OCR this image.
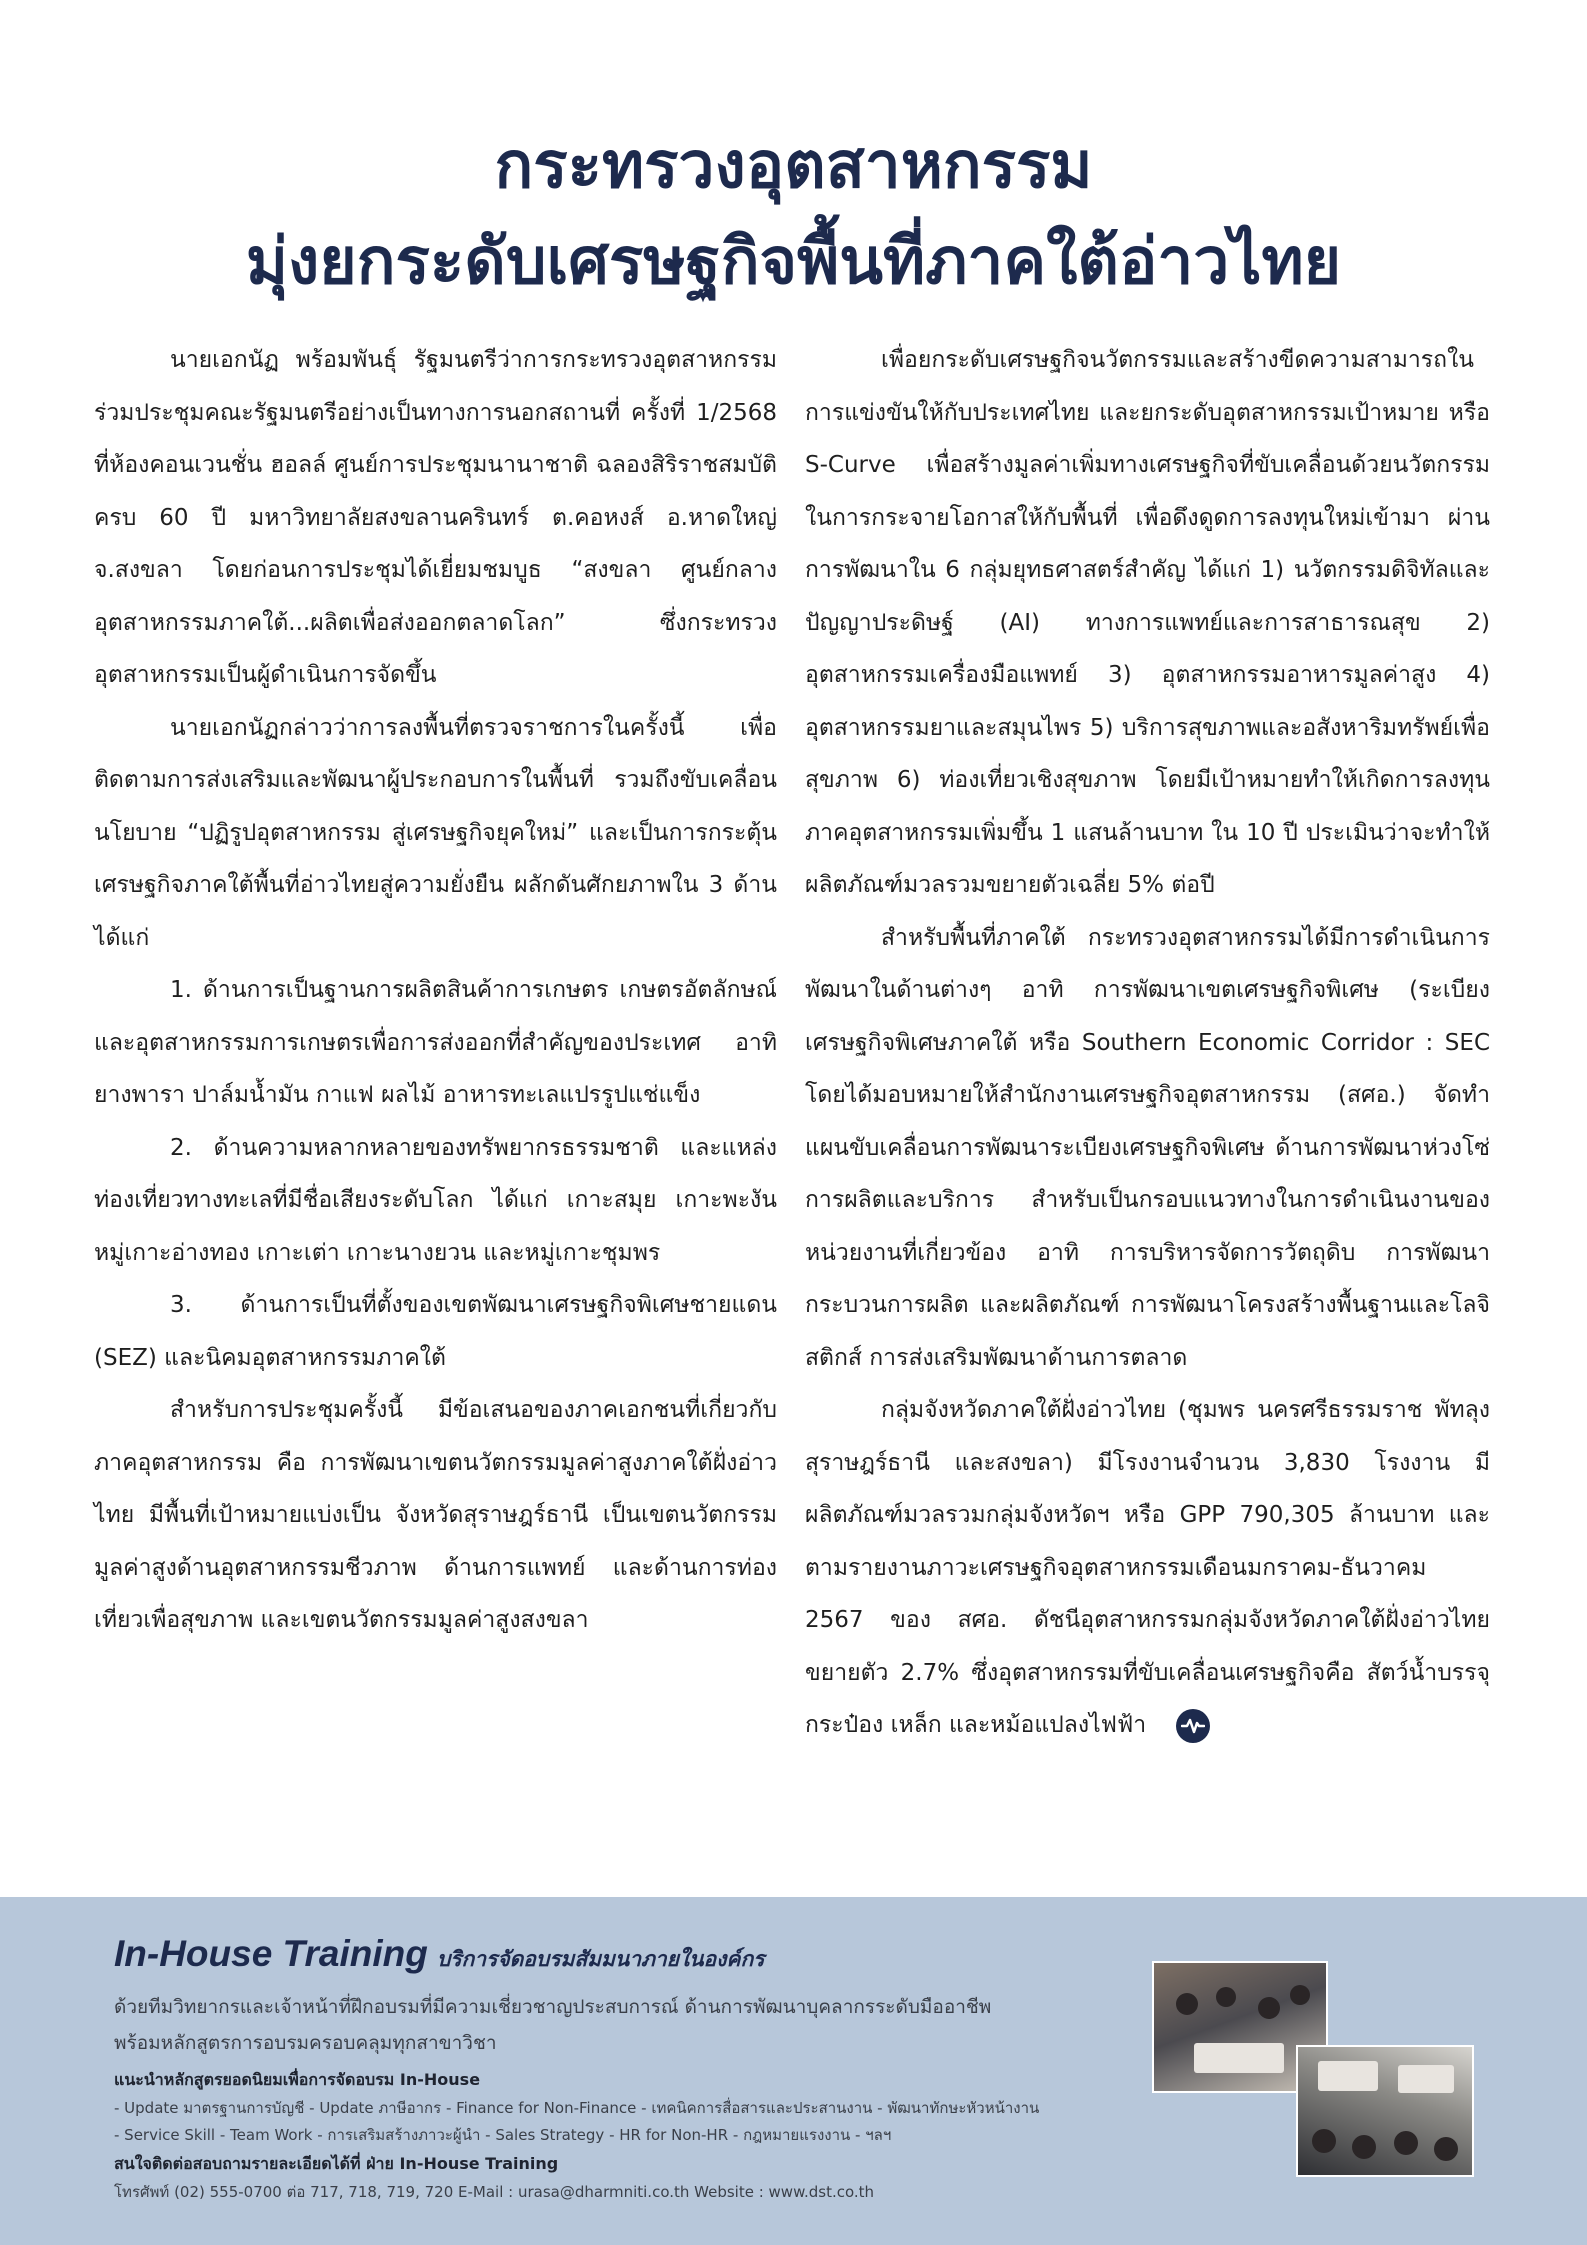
กระทรวงอุตสาหกรรม
มุ่งยกระดับเศรษฐกิจพื้นที่ภาคใต้อ่าวไทย

นายเอกนัฏ พร้อมพันธุ์ รัฐมนตรีว่าการกระทรวงอุตสาหกรรม ร่วมประชุมคณะรัฐมนตรีอย่างเป็นทางการนอกสถานที่ ครั้งที่ 1/2568 ที่ห้องคอนเวนชั่น ฮอลล์ ศูนย์การประชุมนานาชาติ ฉลองสิริราชสมบัติครบ 60 ปี มหาวิทยาลัยสงขลานครินทร์ ต.คอหงส์ อ.หาดใหญ่ จ.สงขลา โดยก่อนการประชุมได้เยี่ยมชมบูธ “สงขลา ศูนย์กลางอุตสาหกรรมภาคใต้...ผลิตเพื่อส่งออกตลาดโลก” ซึ่งกระทรวงอุตสาหกรรมเป็นผู้ดำเนินการจัดขึ้น

นายเอกนัฏกล่าวว่าการลงพื้นที่ตรวจราชการในครั้งนี้ เพื่อติดตามการส่งเสริมและพัฒนาผู้ประกอบการในพื้นที่ รวมถึงขับเคลื่อนนโยบาย “ปฏิรูปอุตสาหกรรม สู่เศรษฐกิจยุคใหม่” และเป็นการกระตุ้นเศรษฐกิจภาคใต้พื้นที่อ่าวไทยสู่ความยั่งยืน ผลักดันศักยภาพใน 3 ด้าน ได้แก่

1. ด้านการเป็นฐานการผลิตสินค้าการเกษตร เกษตรอัตลักษณ์ และอุตสาหกรรมการเกษตรเพื่อการส่งออกที่สำคัญของประเทศ อาทิ ยางพารา ปาล์มน้ำมัน กาแฟ ผลไม้ อาหารทะเลแปรรูปแช่แข็ง

2. ด้านความหลากหลายของทรัพยากรธรรมชาติ และแหล่งท่องเที่ยวทางทะเลที่มีชื่อเสียงระดับโลก ได้แก่ เกาะสมุย เกาะพะงัน หมู่เกาะอ่างทอง เกาะเต่า เกาะนางยวน และหมู่เกาะชุมพร

3. ด้านการเป็นที่ตั้งของเขตพัฒนาเศรษฐกิจพิเศษชายแดน (SEZ) และนิคมอุตสาหกรรมภาคใต้

สำหรับการประชุมครั้งนี้ มีข้อเสนอของภาคเอกชนที่เกี่ยวกับภาคอุตสาหกรรม คือ การพัฒนาเขตนวัตกรรมมูลค่าสูงภาคใต้ฝั่งอ่าวไทย มีพื้นที่เป้าหมายแบ่งเป็น จังหวัดสุราษฎร์ธานี เป็นเขตนวัตกรรมมูลค่าสูงด้านอุตสาหกรรมชีวภาพ ด้านการแพทย์ และด้านการท่องเที่ยวเพื่อสุขภาพ และเขตนวัตกรรมมูลค่าสูงสงขลา

เพื่อยกระดับเศรษฐกิจนวัตกรรมและสร้างขีดความสามารถในการแข่งขันให้กับประเทศไทย และยกระดับอุตสาหกรรมเป้าหมาย หรือ S-Curve เพื่อสร้างมูลค่าเพิ่มทางเศรษฐกิจที่ขับเคลื่อนด้วยนวัตกรรม ในการกระจายโอกาสให้กับพื้นที่ เพื่อดึงดูดการลงทุนใหม่เข้ามา ผ่านการพัฒนาใน 6 กลุ่มยุทธศาสตร์สำคัญ ได้แก่ 1) นวัตกรรมดิจิทัลและปัญญาประดิษฐ์ (AI) ทางการแพทย์และการสาธารณสุข 2) อุตสาหกรรมเครื่องมือแพทย์ 3) อุตสาหกรรมอาหารมูลค่าสูง 4) อุตสาหกรรมยาและสมุนไพร 5) บริการสุขภาพและอสังหาริมทรัพย์เพื่อสุขภาพ 6) ท่องเที่ยวเชิงสุขภาพ โดยมีเป้าหมายทำให้เกิดการลงทุนภาคอุตสาหกรรมเพิ่มขึ้น 1 แสนล้านบาท ใน 10 ปี ประเมินว่าจะทำให้ผลิตภัณฑ์มวลรวมขยายตัวเฉลี่ย 5% ต่อปี

สำหรับพื้นที่ภาคใต้ กระทรวงอุตสาหกรรมได้มีการดำเนินการพัฒนาในด้านต่างๆ อาทิ การพัฒนาเขตเศรษฐกิจพิเศษ (ระเบียงเศรษฐกิจพิเศษภาคใต้ หรือ Southern Economic Corridor : SEC โดยได้มอบหมายให้สำนักงานเศรษฐกิจอุตสาหกรรม (สศอ.) จัดทำแผนขับเคลื่อนการพัฒนาระเบียงเศรษฐกิจพิเศษ ด้านการพัฒนาห่วงโซ่การผลิตและบริการ สำหรับเป็นกรอบแนวทางในการดำเนินงานของหน่วยงานที่เกี่ยวข้อง อาทิ การบริหารจัดการวัตถุดิบ การพัฒนากระบวนการผลิต และผลิตภัณฑ์ การพัฒนาโครงสร้างพื้นฐานและโลจิสติกส์ การส่งเสริมพัฒนาด้านการตลาด

กลุ่มจังหวัดภาคใต้ฝั่งอ่าวไทย (ชุมพร นครศรีธรรมราช พัทลุง สุราษฎร์ธานี และสงขลา) มีโรงงานจำนวน 3,830 โรงงาน มีผลิตภัณฑ์มวลรวมกลุ่มจังหวัดฯ หรือ GPP 790,305 ล้านบาท และตามรายงานภาวะเศรษฐกิจอุตสาหกรรมเดือนมกราคม-ธันวาคม 2567 ของ สศอ. ดัชนีอุตสาหกรรมกลุ่มจังหวัดภาคใต้ฝั่งอ่าวไทย ขยายตัว 2.7% ซึ่งอุตสาหกรรมที่ขับเคลื่อนเศรษฐกิจคือ สัตว์น้ำบรรจุกระป๋อง เหล็ก และหม้อแปลงไฟฟ้า

In-House Training บริการจัดอบรมสัมมนาภายในองค์กร
ด้วยทีมวิทยากรและเจ้าหน้าที่ฝึกอบรมที่มีความเชี่ยวชาญประสบการณ์ ด้านการพัฒนาบุคลากรระดับมืออาชีพ
พร้อมหลักสูตรการอบรมครอบคลุมทุกสาขาวิชา
แนะนำหลักสูตรยอดนิยมเพื่อการจัดอบรม In-House
- Update มาตรฐานการบัญชี - Update ภาษีอากร - Finance for Non-Finance - เทคนิคการสื่อสารและประสานงาน - พัฒนาทักษะหัวหน้างาน
- Service Skill - Team Work - การเสริมสร้างภาวะผู้นำ - Sales Strategy - HR for Non-HR - กฎหมายแรงงาน - ฯลฯ
สนใจติดต่อสอบถามรายละเอียดได้ที่ ฝ่าย In-House Training
โทรศัพท์ (02) 555-0700 ต่อ 717, 718, 719, 720 E-Mail : urasa@dharmniti.co.th Website : www.dst.co.th
